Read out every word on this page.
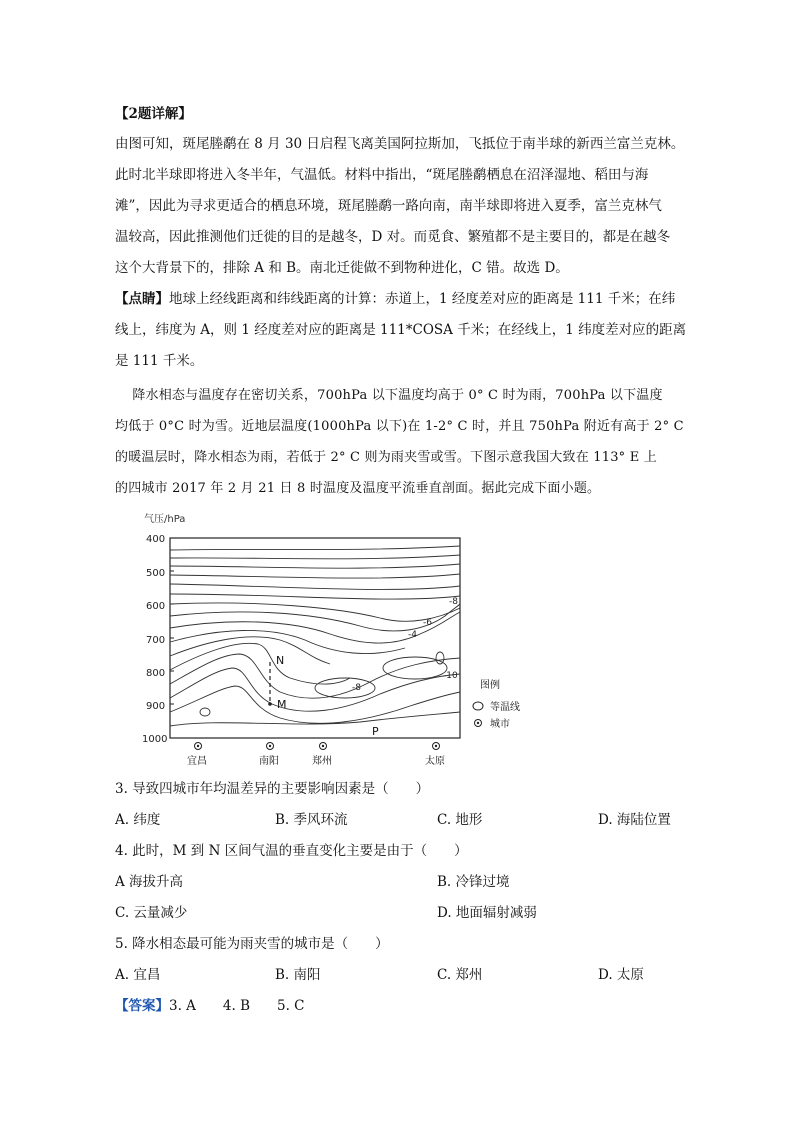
【2题详解】
由图可知，斑尾塍鹬在 8 月 30 日启程飞离美国阿拉斯加，飞抵位于南半球的新西兰富兰克林。
此时北半球即将进入冬半年，气温低。材料中指出，“斑尾塍鹬栖息在沼泽湿地、稻田与海
滩”，因此为寻求更适合的栖息环境，斑尾塍鹬一路向南，南半球即将进入夏季，富兰克林气
温较高，因此推测他们迁徙的目的是越冬，D 对。而觅食、繁殖都不是主要目的，都是在越冬
这个大背景下的，排除 A 和 B。南北迁徙做不到物种进化，C 错。故选 D。
【点睛】地球上经线距离和纬线距离的计算：赤道上，1 经度差对应的距离是 111 千米；在纬
线上，纬度为 A，则 1 经度差对应的距离是 111*COSA 千米；在经线上，1 纬度差对应的距离
是 111 千米。
降水相态与温度存在密切关系，700hPa 以下温度均高于 0° C 时为雨，700hPa 以下温度
均低于 0°C 时为雪。近地层温度(1000hPa 以下)在 1-2° C 时，并且 750hPa 附近有高于 2° C
的暖温层时，降水相态为雨，若低于 2° C 则为雨夹雪或雪。下图示意我国大致在 113° E 上
的四城市 2017 年 2 月 21 日 8 时温度及温度平流垂直剖面。据此完成下面小题。
气压/hPa
400
500
600
700
800
900
1000
-8
-6
-4
-8
-10
N
M
P
宜昌	南阳	郑州	太原
图例
等温线
城市
3. 导致四城市年均温差异的主要影响因素是（　　）
A. 纬度	B. 季风环流	C. 地形	D. 海陆位置
4. 此时，M 到 N 区间气温的垂直变化主要是由于（　　）
A 海拔升高	B. 冷锋过境
C. 云量减少	D. 地面辐射减弱
5. 降水相态最可能为雨夹雪的城市是（　　）
A. 宜昌	B. 南阳	C. 郑州	D. 太原
【答案】3. A　　4. B　　5. C
